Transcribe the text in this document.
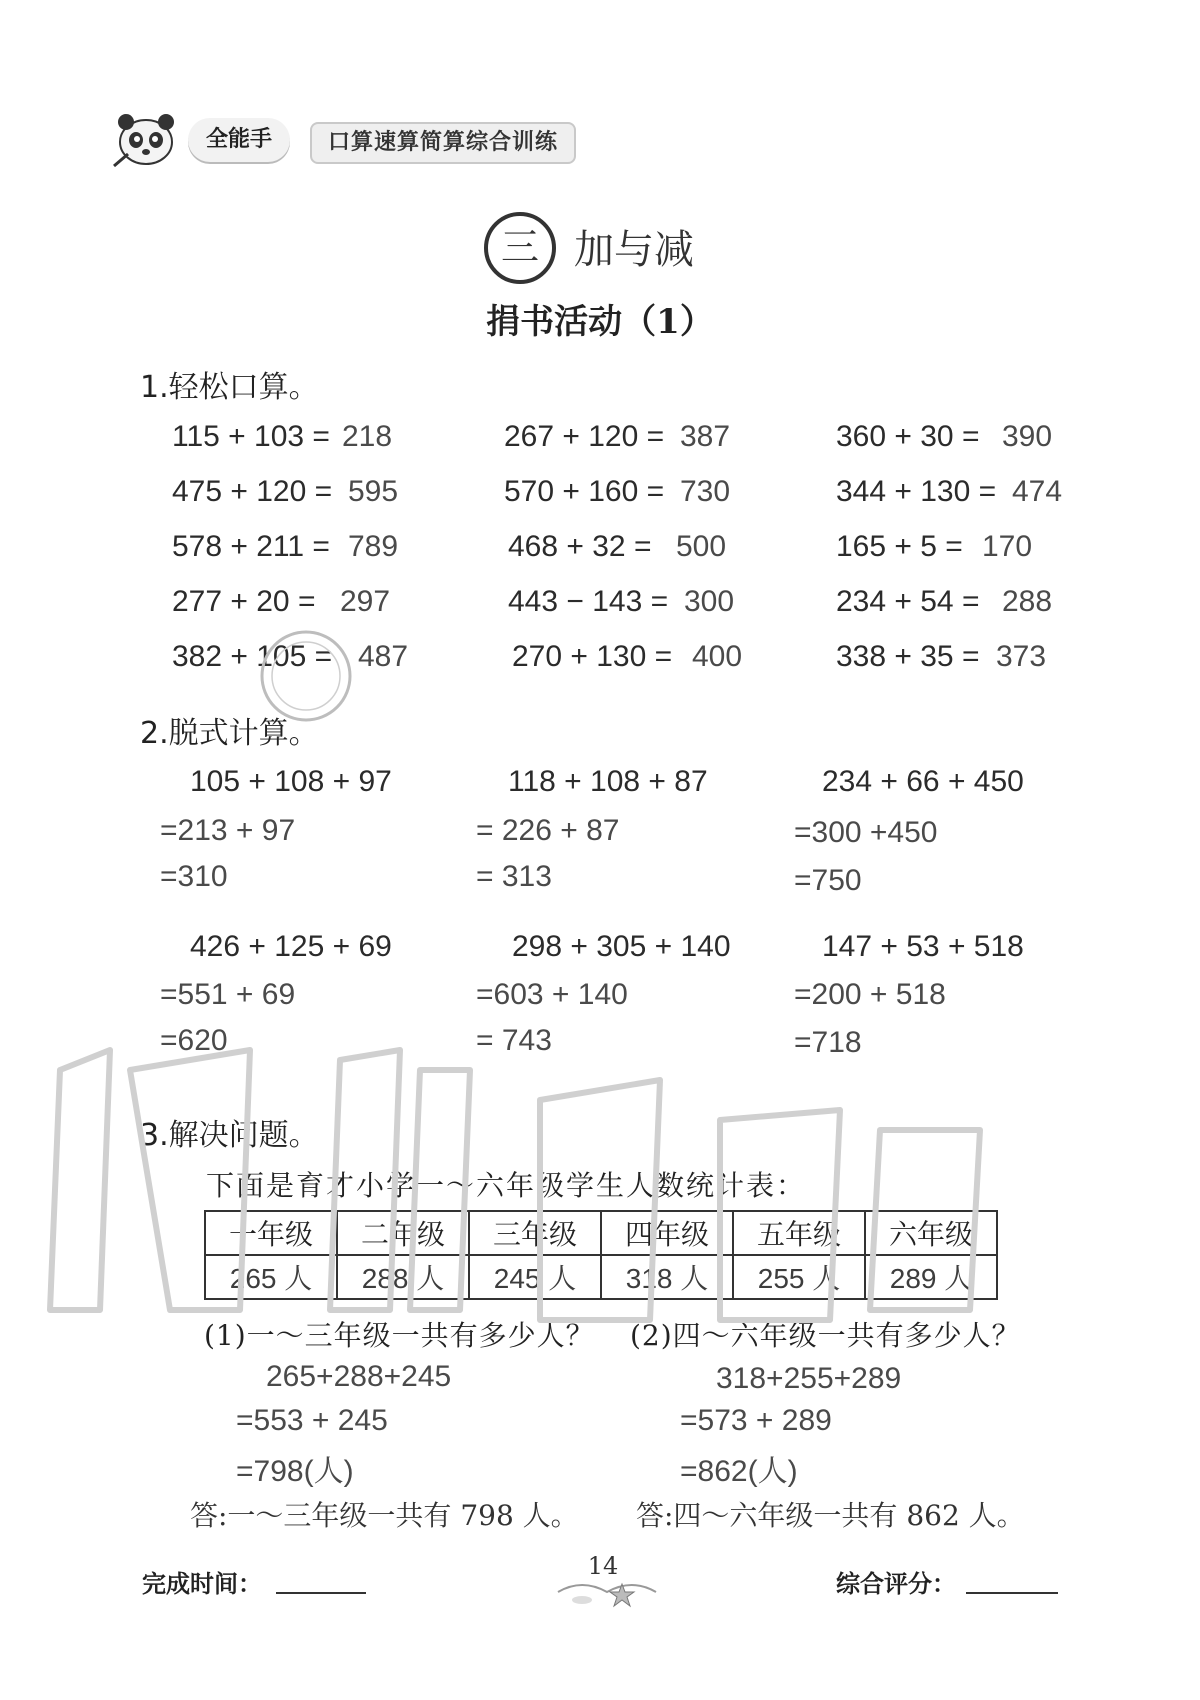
全能手	口算速算简算综合训练
三 加与减
捐书活动（1）
1.轻松口算。
115 + 103 = 218	267 + 120 = 387	360 + 30 = 390
475 + 120 = 595	570 + 160 = 730	344 + 130 = 474
578 + 211 = 789	468 + 32 = 500	165 + 5 = 170
277 + 20 = 297	443 − 143 = 300	234 + 54 = 288
382 + 105 = 487	270 + 130 = 400	338 + 35 = 373
2.脱式计算。
105 + 108 + 97
=213 + 97
=310
118 + 108 + 87
= 226 + 87
= 313
234 + 66 + 450
=300 +450
=750
426 + 125 + 69
=551 + 69
=620
298 + 305 + 140
=603 + 140
= 743
147 + 53 + 518
=200 + 518
=718
3.解决问题。
下面是育才小学一～六年级学生人数统计表：
一年级	二年级	三年级	四年级	五年级	六年级
265 人	288 人	245 人	318 人	255 人	289 人
(1)一～三年级一共有多少人？ (2)四～六年级一共有多少人？
265+288+245
=553 + 245
=798(人)
318+255+289
=573 + 289
=862(人)
答:一～三年级一共有 798 人。 答:四～六年级一共有 862 人。
完成时间：
14
综合评分：
